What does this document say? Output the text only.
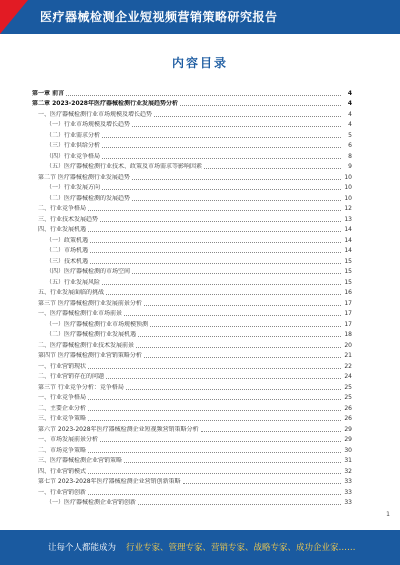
医疗器械检测企业短视频营销策略研究报告
内容目录
第一章 前言	4
第二章 2023-2028年医疗器械检测行业发展趋势分析	4
一、医疗器械检测行业市场规模及增长趋势	4
（一）行业市场规模及增长趋势	4
（二）行业需求分析	5
（三）行业供给分析	6
（四）行业竞争格局	8
（五）医疗器械检测行业技术、政策及市场需求等影响因素	9
第二节 医疗器械检测行业发展趋势	10
（一）行业发展方向	10
（二）医疗器械检测的发展趋势	10
二、行业竞争格局	12
三、行业技术发展趋势	13
四、行业发展机遇	14
（一）政策机遇	14
（二）市场机遇	14
（三）技术机遇	15
（四）医疗器械检测的市场空间	15
（五）行业发展风险	15
五、行业发展面临的挑战	16
第三节 医疗器械检测行业发展前景分析	17
一、医疗器械检测行业市场前景	17
（一）医疗器械检测行业市场规模预测	17
（二）医疗器械检测行业发展机遇	18
二、医疗器械检测行业技术发展前景	20
第四节 医疗器械检测行业营销策略分析	21
一、行业营销现状	22
二、行业营销存在的问题	24
第三节 行业竞争分析：竞争格局	25
一、行业竞争格局	25
二、主要企业分析	26
三、行业竞争策略	26
第六节 2023-2028年医疗器械检测企业短视频营销策略分析	29
一、市场发展前景分析	29
二、市场竞争策略	30
三、医疗器械检测企业营销策略	31
四、行业营销模式	32
第七节 2023-2028年医疗器械检测企业营销创新策略	33
一、行业营销创新	33
（一）医疗器械检测企业营销创新	33
1
让每个人都能成为 行业专家、管理专家、营销专家、战略专家、成功企业家……
